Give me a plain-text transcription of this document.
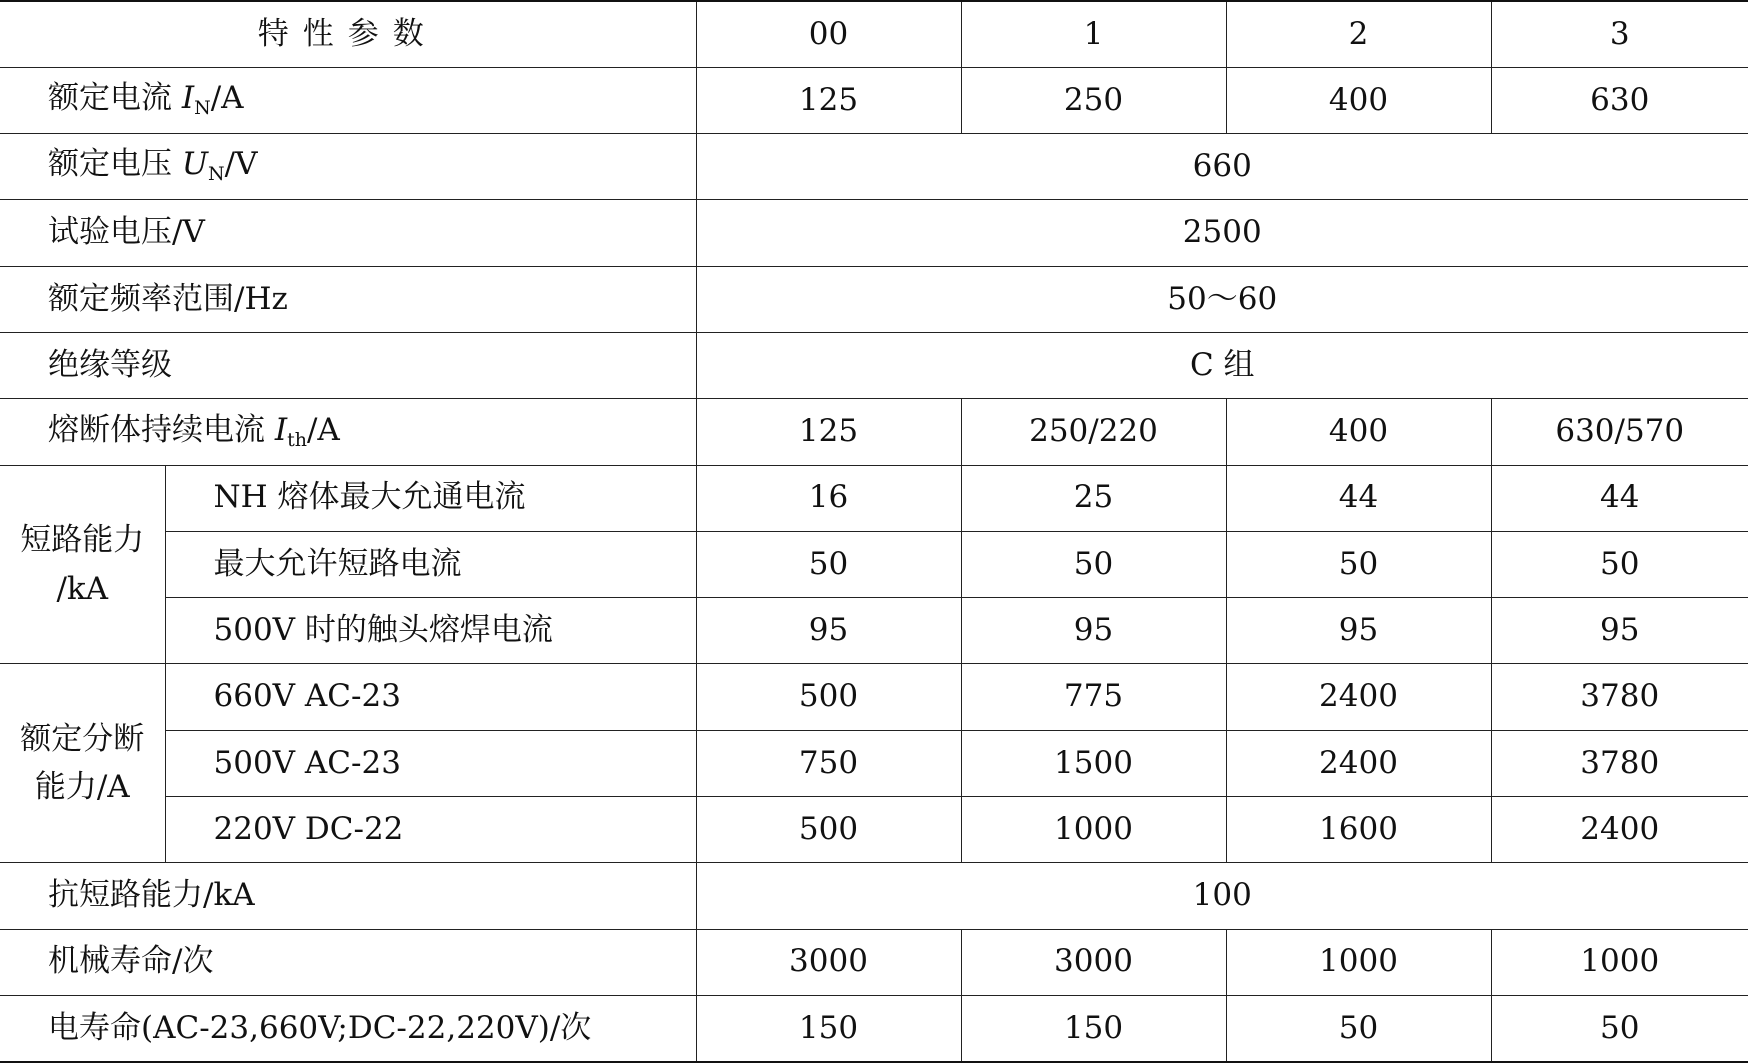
特性参数		00	1	2	3
额定电流 IN/A		125	250	400	630
额定电压 UN/V		660			
试验电压/V		2500			
额定频率范围/Hz		50～60			
绝缘等级		C 组			
熔断体持续电流 Ith/A		125	250/220	400	630/570

短路能力
/kA	NH 熔体最大允通电流	16	25	44	44
	最大允许短路电流	50	50	50	50
	500V 时的触头熔焊电流	95	95	95	95

额定分断
能力/A	660V AC-23	500	775	2400	3780
	500V AC-23	750	1500	2400	3780
	220V DC-22	500	1000	1600	2400
抗短路能力/kA		100			
机械寿命/次		3000	3000	1000	1000
电寿命(AC-23,660V;DC-22,220V)/次		150	150	50	50
